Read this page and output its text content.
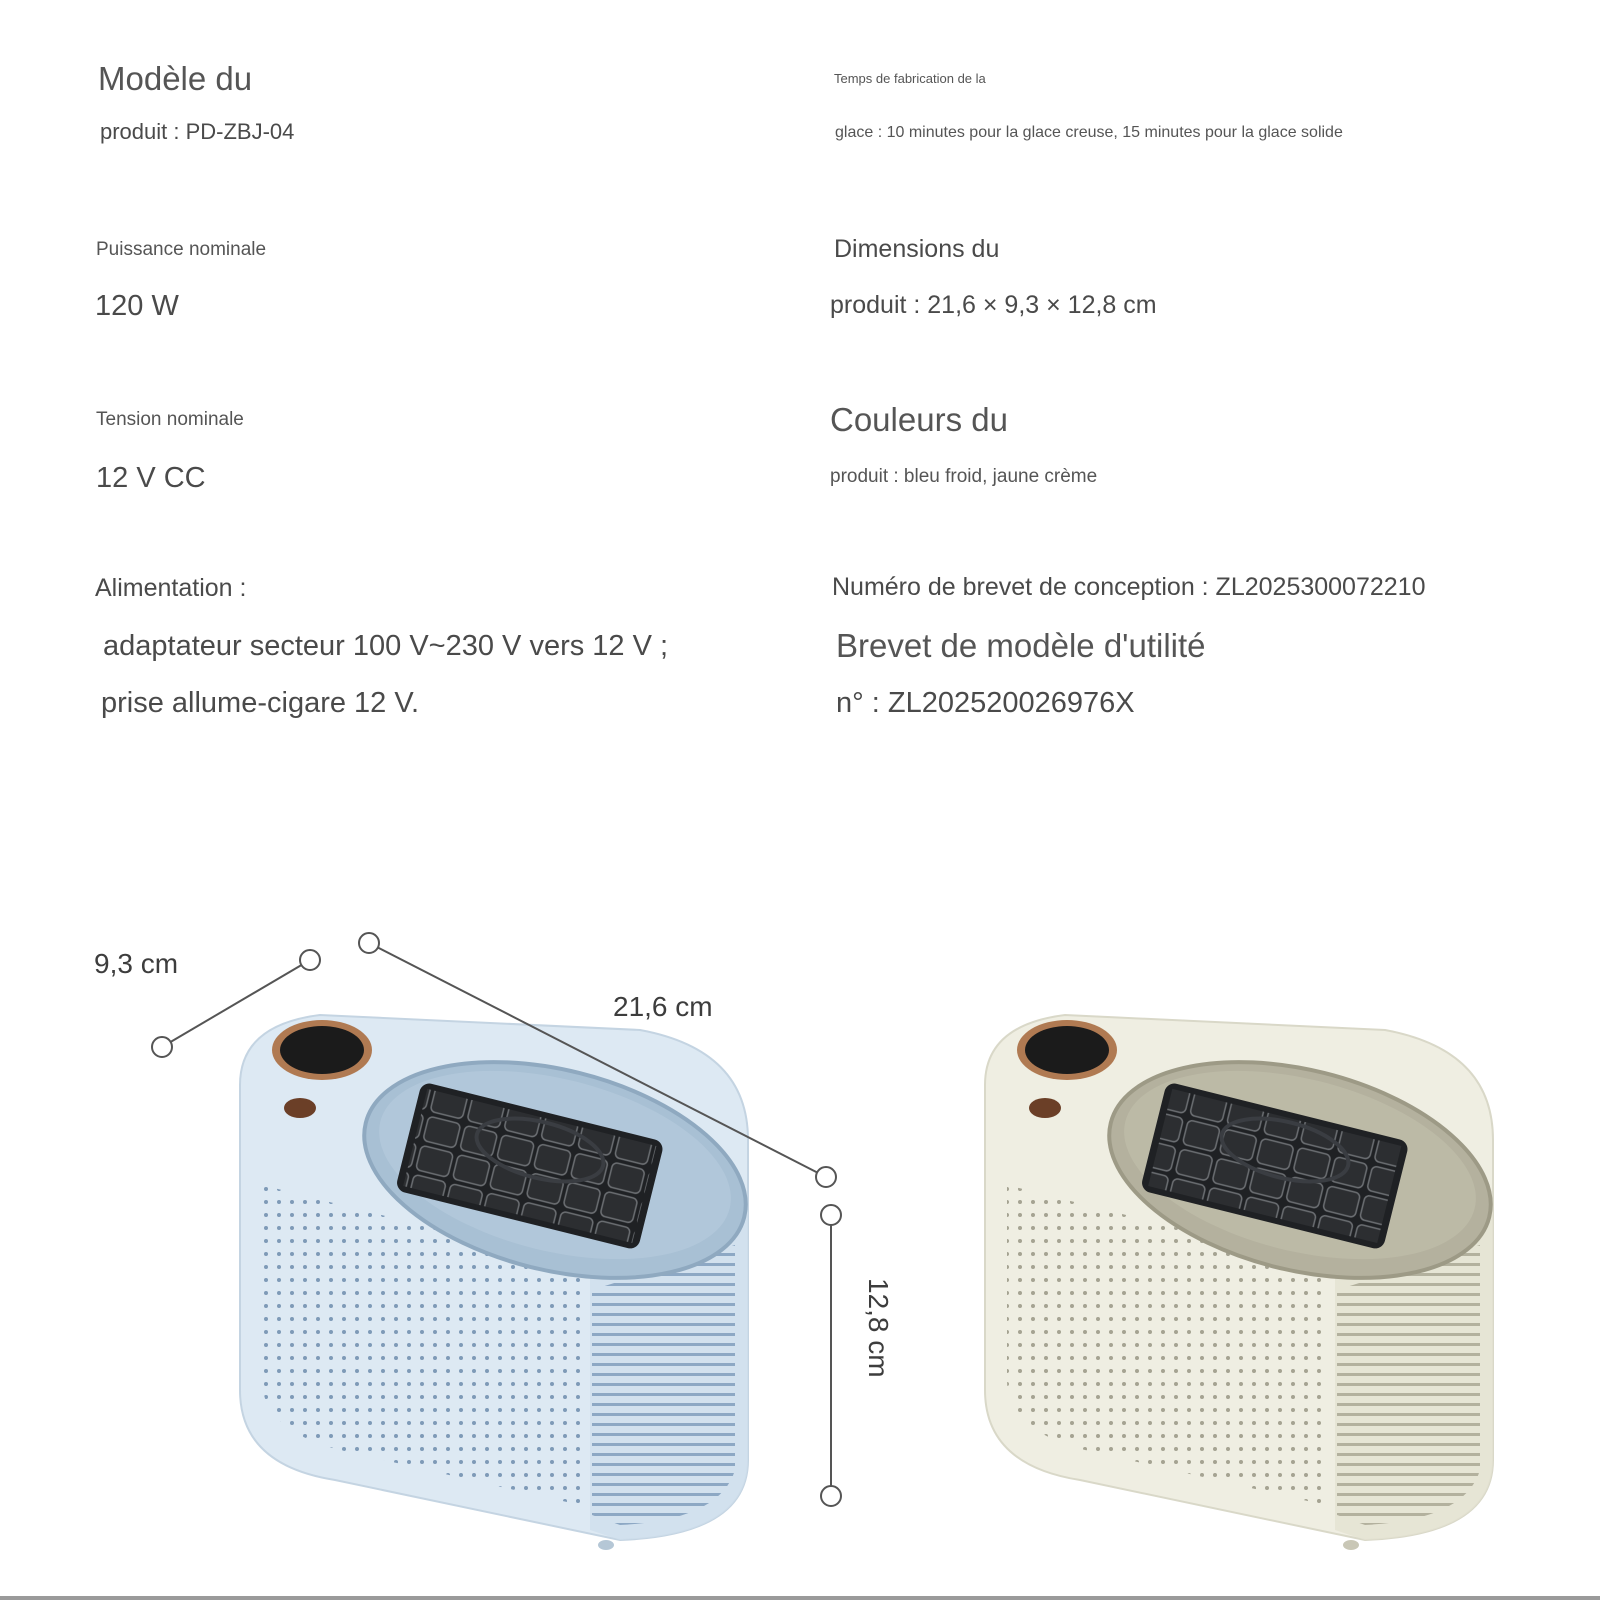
Modèle du
produit : PD-ZBJ-04
Temps de fabrication de la
glace : 10 minutes pour la glace creuse, 15 minutes pour la glace solide
Puissance nominale
120 W
Dimensions du
produit : 21,6 × 9,3 × 12,8 cm
Tension nominale
12 V CC
Couleurs du
produit : bleu froid, jaune crème
Alimentation :
adaptateur secteur 100 V~230 V vers 12 V ;
prise allume-cigare 12 V.
Numéro de brevet de conception : ZL2025300072210
Brevet de modèle d'utilité
n° : ZL202520026976X
9,3 cm
21,6 cm
12,8 cm
